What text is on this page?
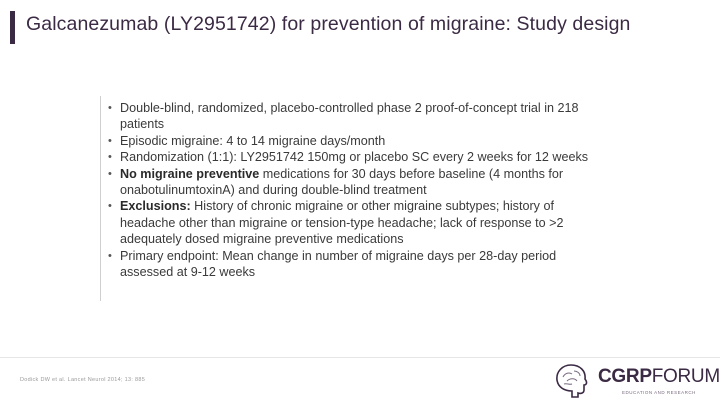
Galcanezumab (LY2951742) for prevention of migraine: Study design
• Double-blind, randomized, placebo-controlled phase 2 proof-of-concept trial in 218 patients
• Episodic migraine: 4 to 14 migraine days/month
• Randomization (1:1): LY2951742 150mg or placebo SC every 2 weeks for 12 weeks
• No migraine preventive medications for 30 days before baseline (4 months for onabotulinumtoxinA) and during double-blind treatment
• Exclusions: History of chronic migraine or other migraine subtypes; history of headache other than migraine or tension-type headache; lack of response to >2 adequately dosed migraine preventive medications
• Primary endpoint: Mean change in number of migraine days per 28-day period assessed at 9-12 weeks
Dodick DW et al. Lancet Neurol 2014; 13: 885	CGRPFORUM
EDUCATION AND RESEARCH
